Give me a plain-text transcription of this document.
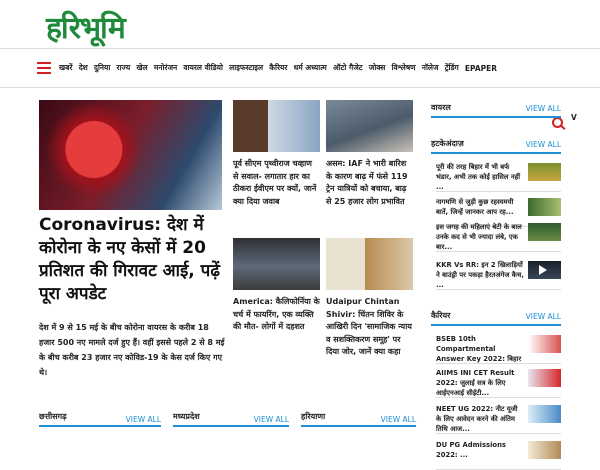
हरिभूमि
खबरें देश दुनिया राज्य खेल मनोरंजन वायरल वीडियो लाइफस्टाइल कैरियर धर्म अध्यात्म ऑटो गैजेट जोक्स विश्लेषण नॉलेज ट्रेंडिंग EPAPER
V
Coronavirus: देश में कोरोना के नए केसों में 20 प्रतिशत की गिरावट आई, पढ़ें पूरा अपडेट
देश में 9 से 15 मई के बीच कोरोना वायरस के करीब 18 हजार 500 नए मामले दर्ज हुए हैं। वहीं इससे पहले 2 से 8 मई के बीच करीब 23 हजार नए कोविड-19 के केस दर्ज किए गए थे।
पूर्व सीएम पृथ्वीराज चव्हाण से सवाल- लगातार हार का ठीकरा ईवीएम पर क्यों, जानें क्या दिया जवाब
असम: IAF ने भारी बारिश के कारण बाढ़ में फंसे 119 ट्रेन यात्रियों को बचाया, बाढ़ से 25 हजार लोग प्रभावित
America: कैलिफोर्निया के चर्च में फायरिंग, एक व्यक्ति की मौत- लोगों में दहशत
Udaipur Chintan Shivir: चिंतन शिविर के आखिरी दिन 'सामाजिक न्याय व सशक्तिकरण समूह' पर दिया जोर, जानें क्या कहा
छत्तीसगढ़	VIEW ALL मध्यप्रदेश	VIEW ALL हरियाणा	VIEW ALL
वायरल	VIEW ALL
हटकेअंदाज़	VIEW ALL
पूरी की तरह बिहार में भी बर्फ भंडार, अभी तक कोई हासिल नहीं ...
नागमणि से जुड़ी कुछ रहस्यमयी बातें, जिन्हें जानकर आप रह...
इस जगह की महिलाएं बेटी के बाल उनके कद से भी ज्यादा लंबे, एक बार...
KKR Vs RR: इन 2 खिलाड़ियों ने बाउंड्री पर पकड़ा हैरतअंगेज कैच, ...
कैरियर	VIEW ALL
BSEB 10th Compartmental Answer Key 2022: बिहार
AIIMS INI CET Result 2022: जुलाई सत्र के लिए आईएनआई सीईटी...
NEET UG 2022: नीट यूजी के लिए आवेदन करने की अंतिम तिथि आज...
DU PG Admissions 2022: ...
